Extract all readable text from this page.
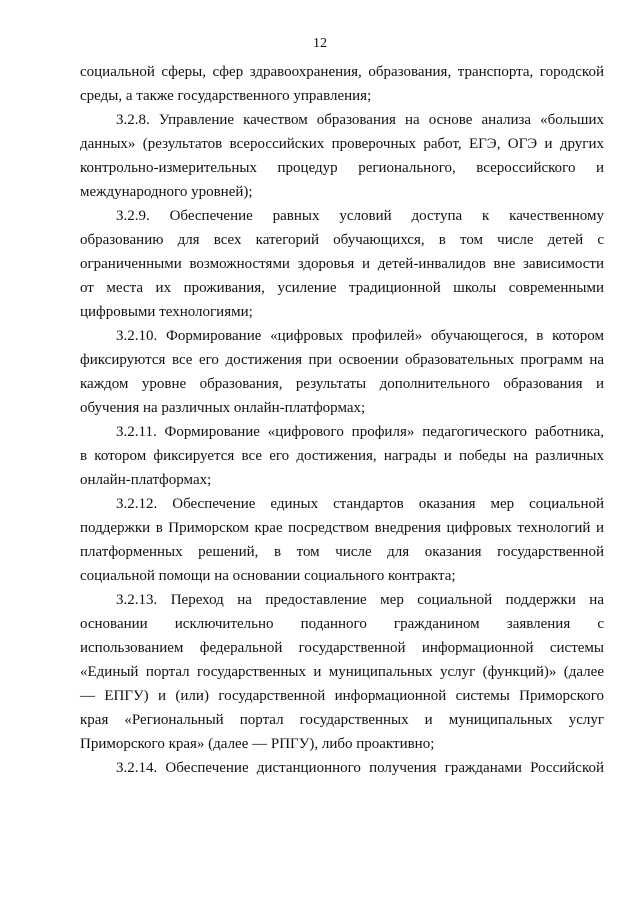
12

социальной сферы, сфер здравоохранения, образования, транспорта, городской
среды, а также государственного управления;

3.2.8. Управление качеством образования на основе анализа «больших
данных» (результатов всероссийских проверочных работ, ЕГЭ, ОГЭ и других
контрольно-измерительных процедур регионального, всероссийского и
международного уровней);

3.2.9. Обеспечение равных условий доступа к качественному
образованию для всех категорий обучающихся, в том числе детей с
ограниченными возможностями здоровья и детей-инвалидов вне зависимости
от места их проживания, усиление традиционной школы современными
цифровыми технологиями;

3.2.10. Формирование «цифровых профилей» обучающегося, в котором
фиксируются все его достижения при освоении образовательных программ на
каждом уровне образования, результаты дополнительного образования и
обучения на различных онлайн-платформах;

3.2.11. Формирование «цифрового профиля» педагогического работника,
в котором фиксируется все его достижения, награды и победы на различных
онлайн-платформах;

3.2.12. Обеспечение единых стандартов оказания мер социальной
поддержки в Приморском крае посредством внедрения цифровых технологий и
платформенных решений, в том числе для оказания государственной
социальной помощи на основании социального контракта;

3.2.13. Переход на предоставление мер социальной поддержки на
основании исключительно поданного гражданином заявления с
использованием федеральной государственной информационной системы
«Единый портал государственных и муниципальных услуг (функций)» (далее
— ЕПГУ) и (или) государственной информационной системы Приморского
края «Региональный портал государственных и муниципальных услуг
Приморского края» (далее — РПГУ), либо проактивно;

3.2.14. Обеспечение дистанционного получения гражданами Российской
